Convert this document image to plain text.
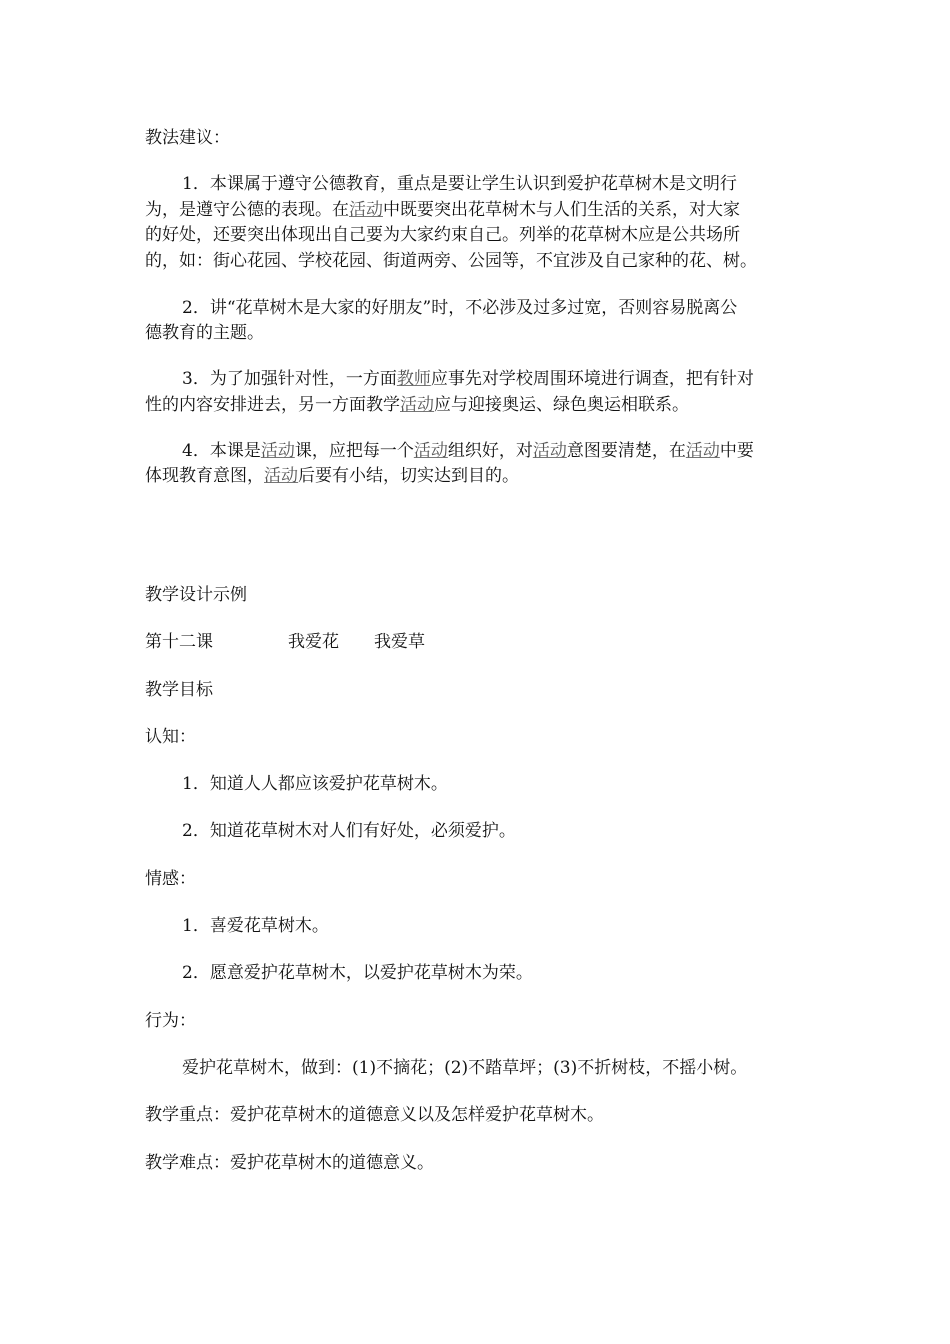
教法建议：
1．本课属于遵守公德教育，重点是要让学生认识到爱护花草树木是文明行
为，是遵守公德的表现。在活动中既要突出花草树木与人们生活的关系，对大家
的好处，还要突出体现出自己要为大家约束自己。列举的花草树木应是公共场所
的，如：街心花园、学校花园、街道两旁、公园等，不宜涉及自己家种的花、树。
2．讲“花草树木是大家的好朋友”时，不必涉及过多过宽，否则容易脱离公
德教育的主题。
3．为了加强针对性，一方面教师应事先对学校周围环境进行调查，把有针对
性的内容安排进去，另一方面教学活动应与迎接奥运、绿色奥运相联系。
4．本课是活动课，应把每一个活动组织好，对活动意图要清楚，在活动中要
体现教育意图，活动后要有小结，切实达到目的。
教学设计示例
第十二课	我爱花 我爱草
教学目标
认知：
1．知道人人都应该爱护花草树木。
2．知道花草树木对人们有好处，必须爱护。
情感：
1．喜爱花草树木。
2．愿意爱护花草树木，以爱护花草树木为荣。
行为：
爱护花草树木，做到：(1)不摘花；(2)不踏草坪；(3)不折树枝，不摇小树。
教学重点：爱护花草树木的道德意义以及怎样爱护花草树木。
教学难点：爱护花草树木的道德意义。
